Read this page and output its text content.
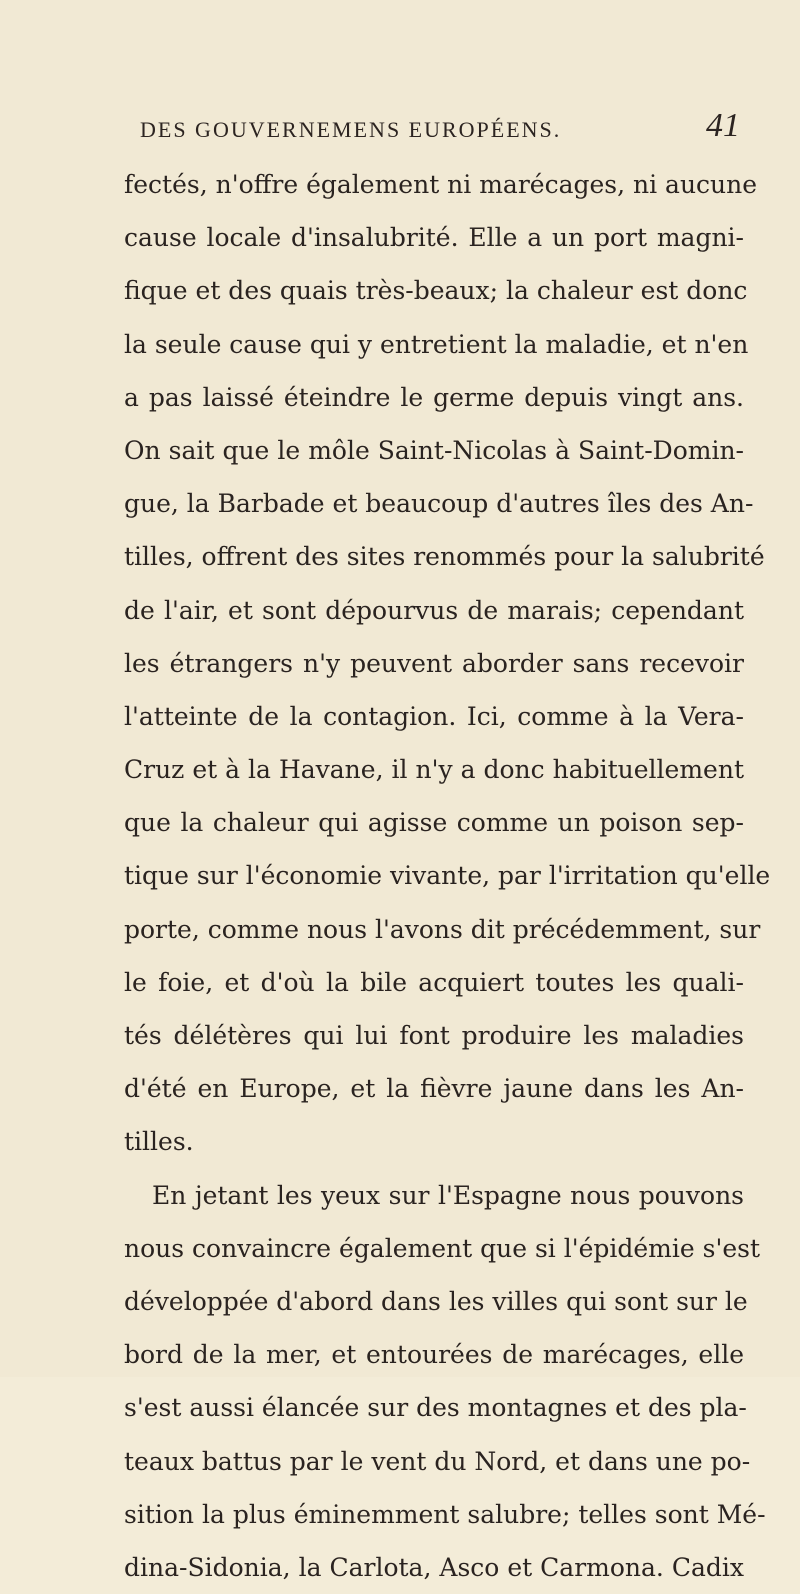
DES GOUVERNEMENS EUROPÉENS.	41
fectés, n'offre également ni marécages, ni aucune
cause locale d'insalubrité. Elle a un port magni-
fique et des quais très-beaux; la chaleur est donc
la seule cause qui y entretient la maladie, et n'en
a pas laissé éteindre le germe depuis vingt ans.
On sait que le môle Saint-Nicolas à Saint-Domin-
gue, la Barbade et beaucoup d'autres îles des An-
tilles, offrent des sites renommés pour la salubrité
de l'air, et sont dépourvus de marais; cependant
les étrangers n'y peuvent aborder sans recevoir
l'atteinte de la contagion. Ici, comme à la Vera-
Cruz et à la Havane, il n'y a donc habituellement
que la chaleur qui agisse comme un poison sep-
tique sur l'économie vivante, par l'irritation qu'elle
porte, comme nous l'avons dit précédemment, sur
le foie, et d'où la bile acquiert toutes les quali-
tés délétères qui lui font produire les maladies
d'été en Europe, et la fièvre jaune dans les An-
tilles.
En jetant les yeux sur l'Espagne nous pouvons
nous convaincre également que si l'épidémie s'est
développée d'abord dans les villes qui sont sur le
bord de la mer, et entourées de marécages, elle
s'est aussi élancée sur des montagnes et des pla-
teaux battus par le vent du Nord, et dans une po-
sition la plus éminemment salubre; telles sont Mé-
dina-Sidonia, la Carlota, Asco et Carmona. Cadix
